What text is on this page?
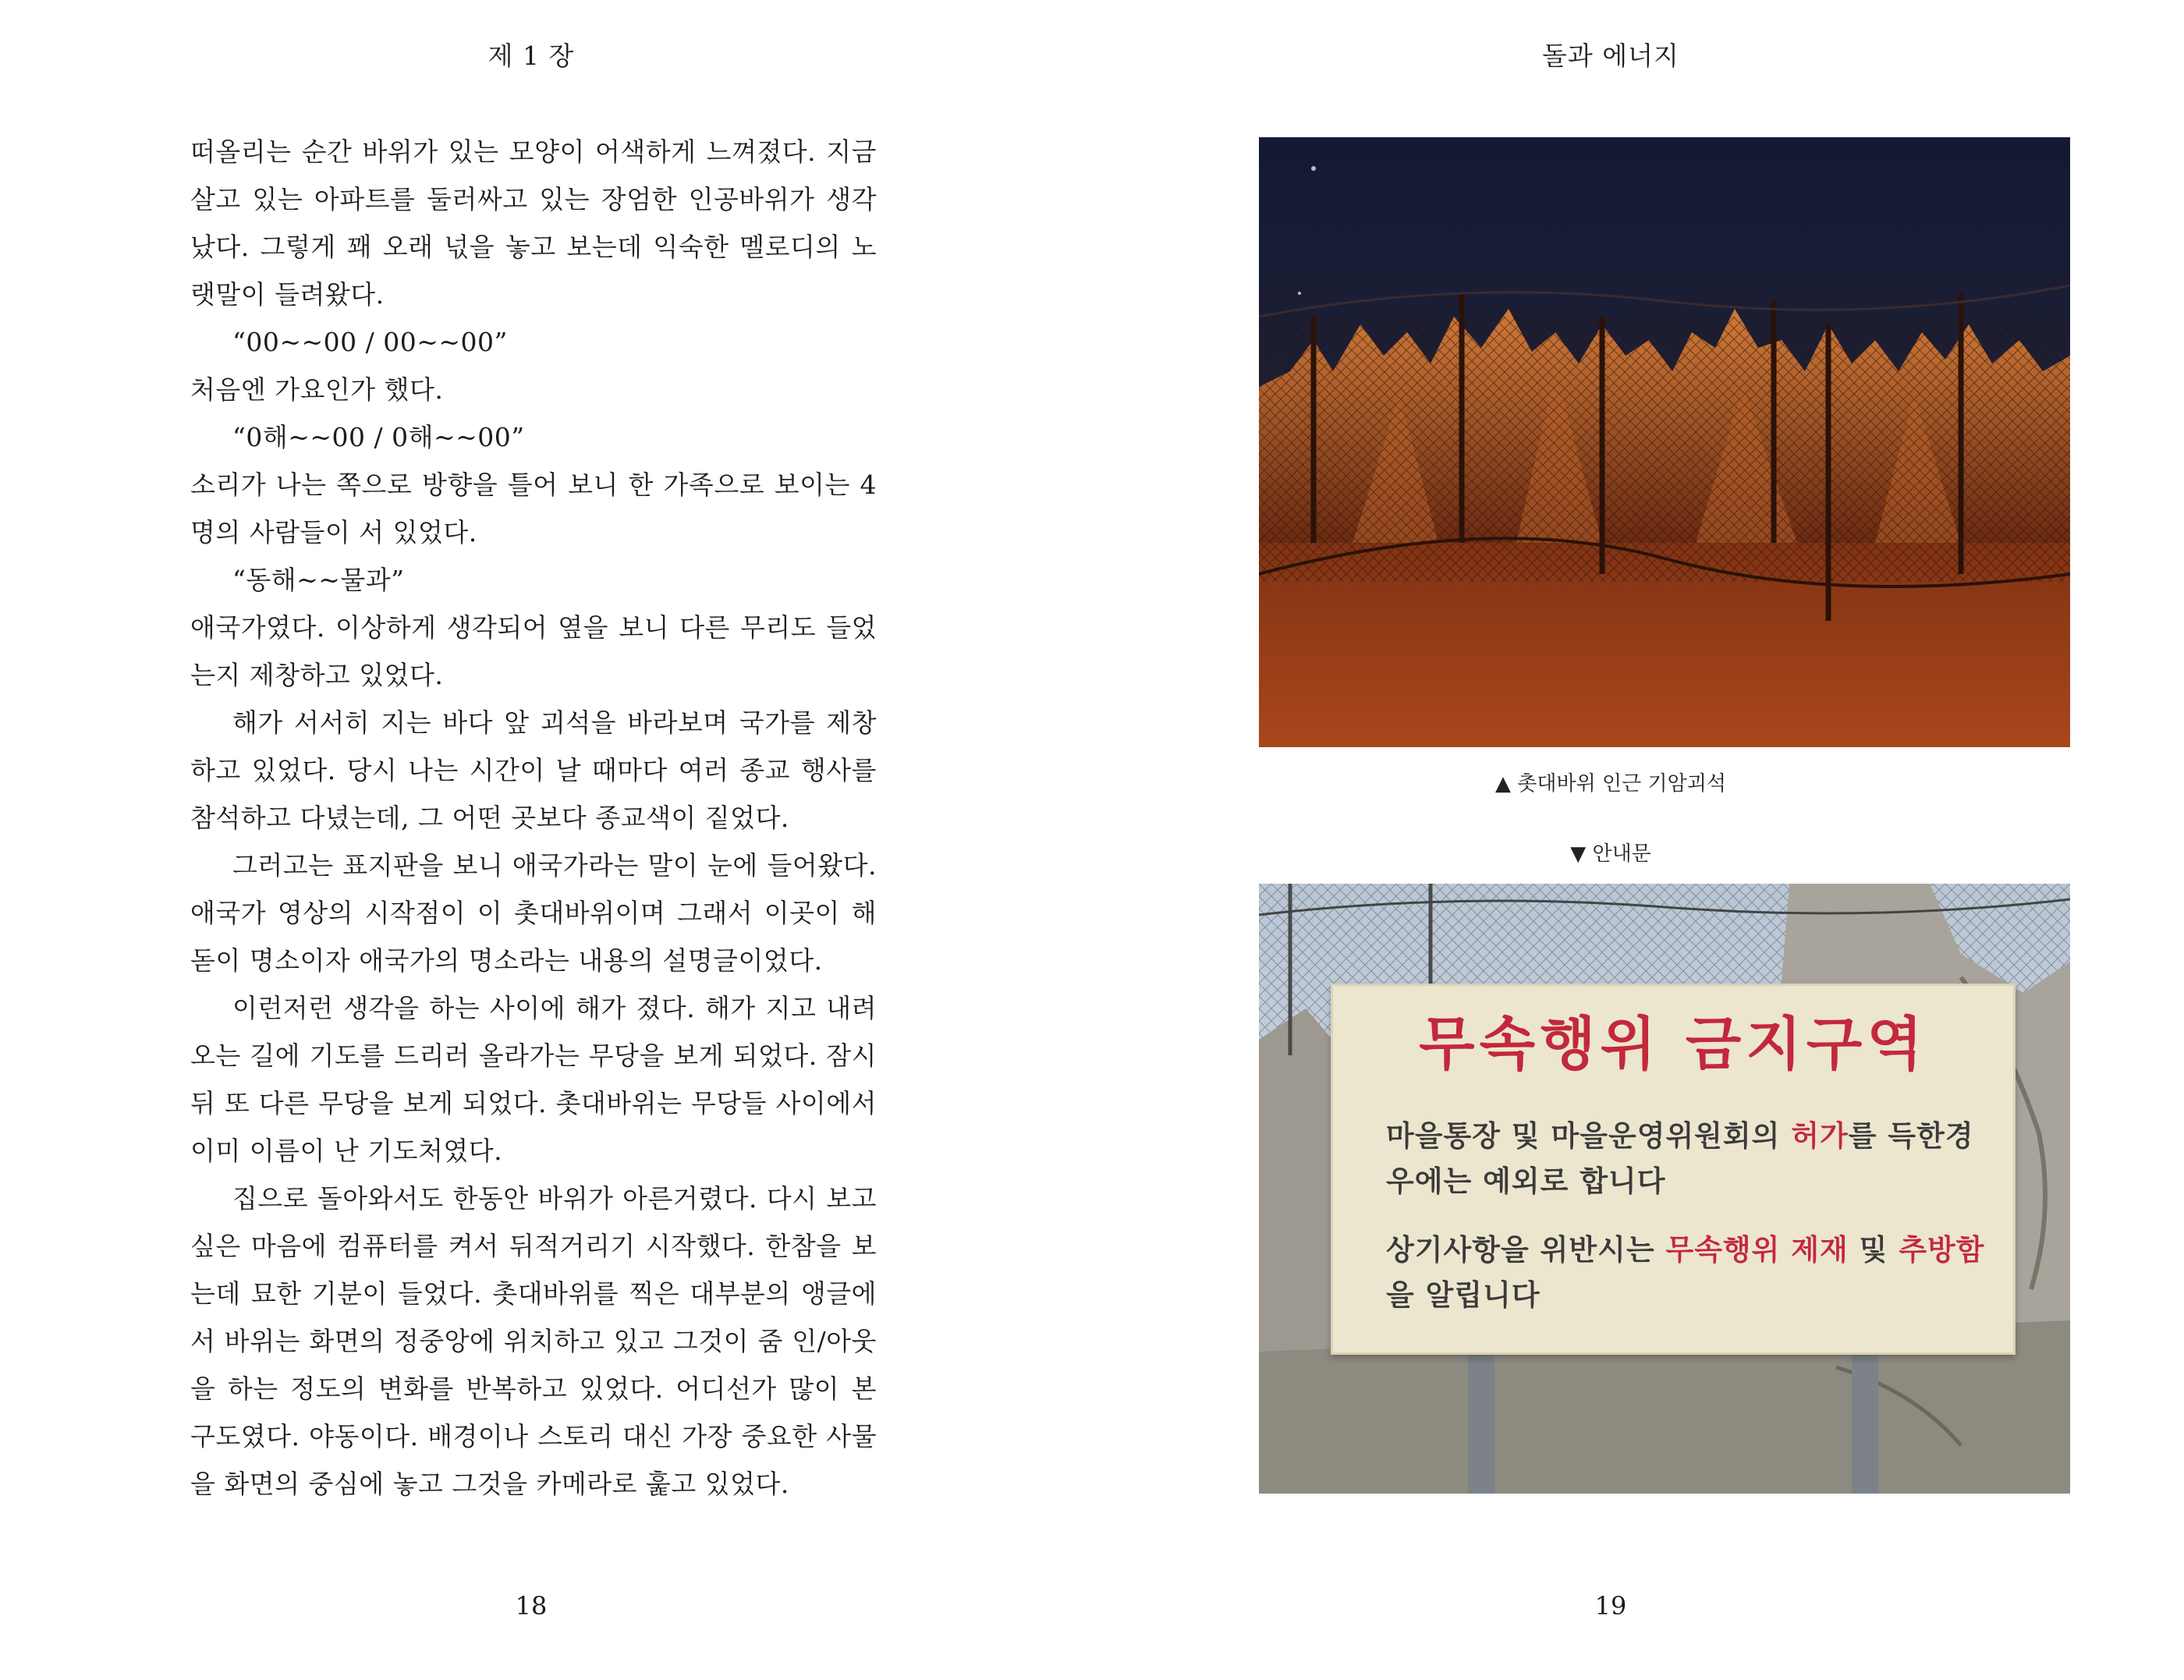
제 1 장

떠올리는 순간 바위가 있는 모양이 어색하게 느껴졌다. 지금 살고 있는 아파트를 둘러싸고 있는 장엄한 인공바위가 생각났다. 그렇게 꽤 오래 넋을 놓고 보는데 익숙한 멜로디의 노랫말이 들려왔다.

“00~~00 / 00~~00”

처음엔 가요인가 했다.

“0해~~00 / 0해~~00”

소리가 나는 쪽으로 방향을 틀어 보니 한 가족으로 보이는 4명의 사람들이 서 있었다.

“동해~~물과”

애국가였다. 이상하게 생각되어 옆을 보니 다른 무리도 들었는지 제창하고 있었다.

해가 서서히 지는 바다 앞 괴석을 바라보며 국가를 제창하고 있었다. 당시 나는 시간이 날 때마다 여러 종교 행사를 참석하고 다녔는데, 그 어떤 곳보다 종교색이 짙었다.

그러고는 표지판을 보니 애국가라는 말이 눈에 들어왔다. 애국가 영상의 시작점이 이 촛대바위이며 그래서 이곳이 해돋이 명소이자 애국가의 명소라는 내용의 설명글이었다.

이런저런 생각을 하는 사이에 해가 졌다. 해가 지고 내려오는 길에 기도를 드리러 올라가는 무당을 보게 되었다. 잠시 뒤 또 다른 무당을 보게 되었다. 촛대바위는 무당들 사이에서 이미 이름이 난 기도처였다.

집으로 돌아와서도 한동안 바위가 아른거렸다. 다시 보고 싶은 마음에 컴퓨터를 켜서 뒤적거리기 시작했다. 한참을 보는데 묘한 기분이 들었다. 촛대바위를 찍은 대부분의 앵글에서 바위는 화면의 정중앙에 위치하고 있고 그것이 줌 인/아웃을 하는 정도의 변화를 반복하고 있었다. 어디선가 많이 본 구도였다. 야동이다. 배경이나 스토리 대신 가장 중요한 사물을 화면의 중심에 놓고 그것을 카메라로 훑고 있었다.

18
돌과 에너지
▲ 촛대바위 인근 기암괴석
▼ 안내문
무속행위 금지구역
마을통장 및 마을운영위원회의 허가를 득한경우에는 예외로 합니다
상기사항을 위반시는 무속행위 제재 및 추방함을 알립니다
19
